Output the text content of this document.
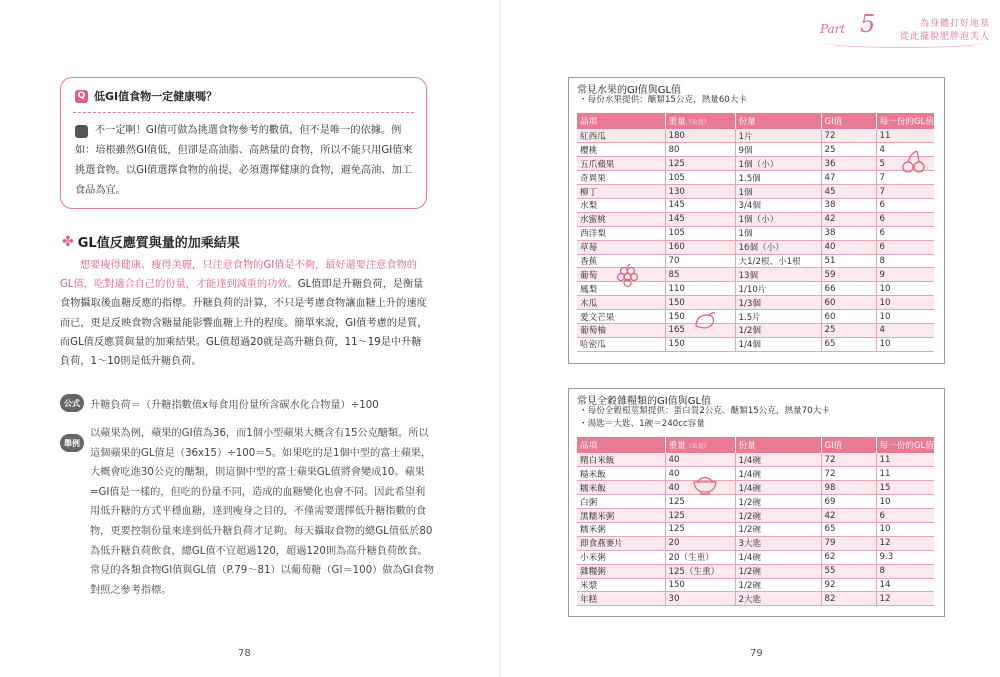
Q 低GI值食物一定健康嗎？
A 不一定啊！GI值可做為挑選食物參考的數值，但不是唯一的依據。例如：培根雖然GI值低，但卻是高油脂、高熱量的食物，所以不能只用GI值來挑選食物。以GI值選擇食物的前提，必須選擇健康的食物，避免高油、加工食品為宜。
✤ GL值反應質與量的加乘結果
想要瘦得健康、瘦得美麗，只注意食物的GI值是不夠，最好還要注意食物的GL值，吃對適合自己的份量，才能達到減重的功效。GL值即是升糖負荷，是衡量食物攝取後血糖反應的指標。升糖負荷的計算，不只是考慮食物讓血糖上升的速度而已，更是反映食物含糖量能影響血糖上升的程度。簡單來說，GI值考慮的是質，而GL值反應質與量的加乘結果。GL值超過20就是高升糖負荷，11～19是中升糖負荷，1～10則是低升糖負荷。
公式 升糖負荷＝（升糖指數值x每食用份量所含碳水化合物量）÷100
舉例
以蘋果為例，蘋果的GI值為36，而1個小型蘋果大概含有15公克醣類。所以這個蘋果的GL值是（36x15）÷100＝5。如果吃的是1個中型的富士蘋果，大概會吃進30公克的醣類，則這個中型的富士蘋果GL值將會變成10。蘋果=GI值是一樣的，但吃的份量不同，造成的血糖變化也會不同。因此希望利用低升糖的方式平穩血糖，達到瘦身之目的，不僅需要選擇低升糖指數的食物，更要控制份量來達到低升糖負荷才足夠。每天攝取食物的總GL值低於80為低升糖負荷飲食，總GL值不宜超過120，超過120則為高升糖負荷飲食。常見的各類食物GI值與GL值（P.79～81）以葡萄糖（GI＝100）做為GI食物對照之參考指標。
78
Part 5	為身體打好地基
從此擺脫肥胖泡芙人
79
常見水果的GI值與GL值
・每份水果提供：醣類15公克，熱量60大卡
品項	重量（公克）	份量	GI值	每一份的GL值
紅西瓜	180	1片	72	11
櫻桃	80	9個	25	4
五爪蘋果	125	1個（小）	36	5
奇異果	105	1.5個	47	7
柳丁	130	1個	45	7
水梨	145	3/4個	38	6
水蜜桃	145	1個（小）	42	6
西洋梨	105	1個	38	6
草莓	160	16個（小）	40	6
香蕉	70	大1/2根、小1根	51	8
葡萄	85	13個	59	9
鳳梨	110	1/10片	66	10
木瓜	150	1/3個	60	10
愛文芒果	150	1.5片	60	10
葡萄柚	165	1/2個	25	4
哈密瓜	150	1/4個	65	10
常見全穀雜糧類的GI值與GL值
・每份全穀根莖類提供：蛋白質2公克、醣類15公克，熱量70大卡
・湯匙＝大匙、1碗＝240cc容量
品項	重量（公克）	份量	GI值	每一份的GL值
精白米飯	40	1/4碗	72	11
糙米飯	40	1/4碗	72	11
糯米飯	40	1/4碗	98	15
白粥	125	1/2碗	69	10
黑糯米粥	125	1/2碗	42	6
糯米粥	125	1/2碗	65	10
即食燕麥片	20	3大匙	79	12
小米粥	20（生重）	1/4碗	62	9.3
雜糧粥	125（生重）	1/2碗	55	8
米漿	150	1/2碗	92	14
年糕	30	2大匙	82	12
